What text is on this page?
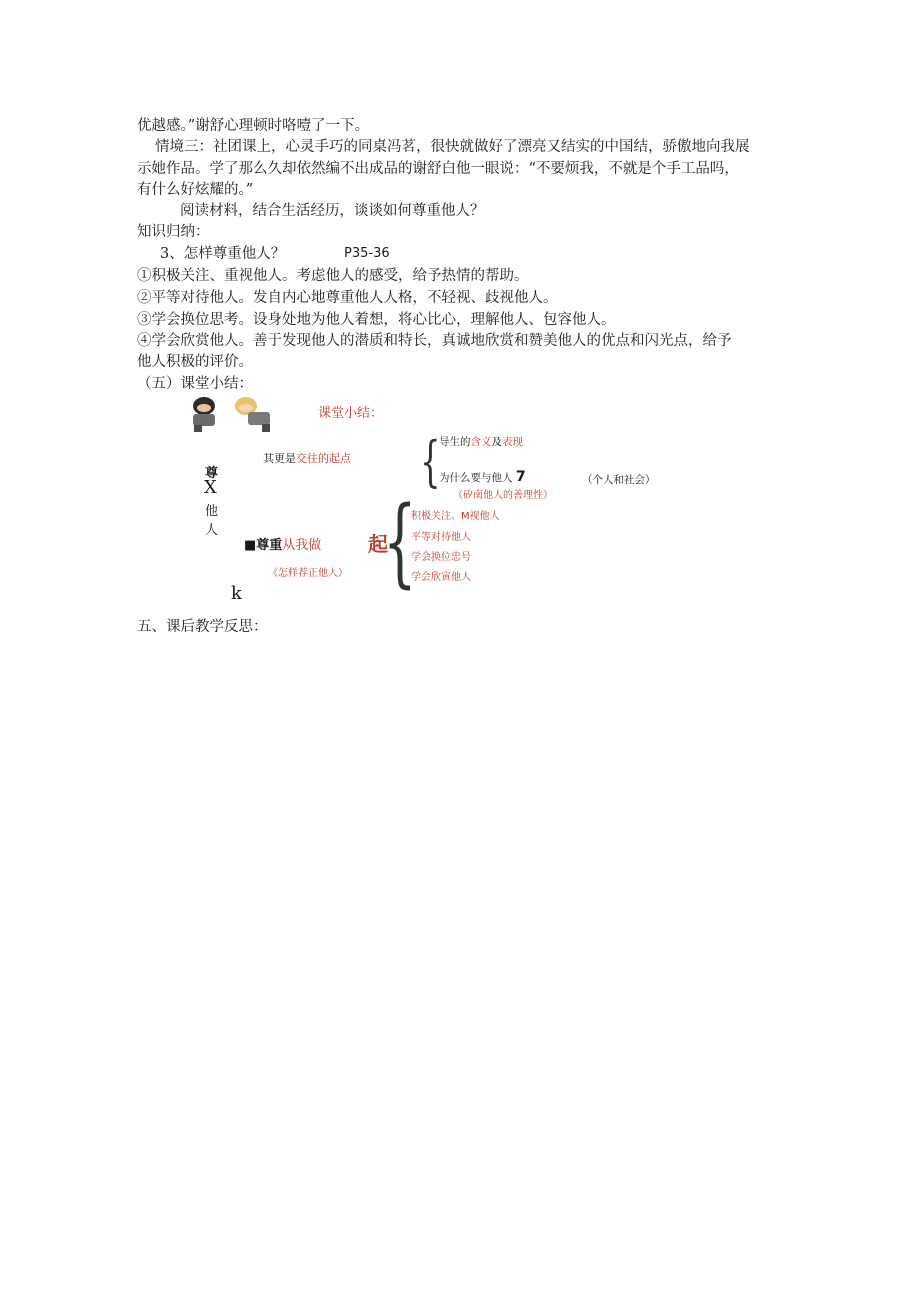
优越感。”谢舒心理顿时咯噎了一下。
情境三：社团课上，心灵手巧的同桌冯茗，很快就做好了漂亮又结实的中国结，骄傲地向我展
示她作品。学了那么久却依然编不出成品的谢舒白他一眼说：“不要烦我，不就是个手工品吗，
有什么好炫耀的。”
阅读材料，结合生活经历，谈谈如何尊重他人？
知识归纳：
3、怎样尊重他人？	P35-36
①积极关注、重视他人。考虑他人的感受，给予热情的帮助。
②平等对待他人。发自内心地尊重他人人格，不轻视、歧视他人。
③学会换位思考。设身处地为他人着想，将心比心，理解他人、包容他人。
④学会欣赏他人。善于发现他人的潜质和特长，真诚地欣赏和赞美他人的优点和闪光点，给予
他人积极的评价。
（五）课堂小结：
课堂小结：
尊
X
他
人
k
其更是交往的起点 {
导生的含义及表现
为什么要与他人 7	（个人和社会）
（矽南他人的善理性）
■尊重从我做
《怎样荐正他人）
起
{
积极关注、M视他人
平等对待他人
学会换位忠号
学会欣寅他人
五、课后教学反思：
